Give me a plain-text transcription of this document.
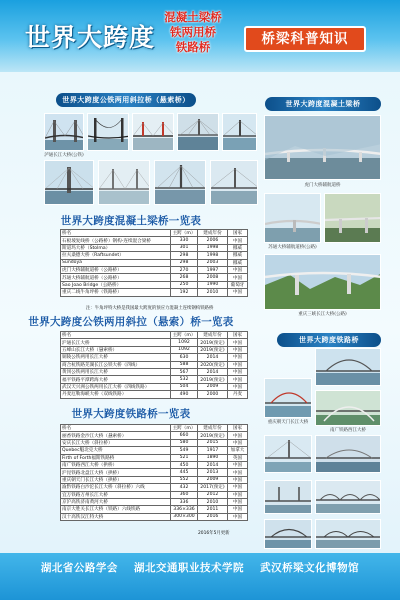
世界大跨度
混凝土梁桥
铁两用桥
铁路桥	桥梁科普知识
世界大跨度公铁两用斜拉桥（悬索桥）
泸通长江大桥(公铁)
世界大跨度混凝土梁桥一览表
桥名	主跨（m）	建成年份	国家
石板坡复线桥（公路桥）钢构-连续混合梁桥	330	2006	中国
斯道玛大桥（Stolma）	301	1998	挪威
拉夫桑德大桥（Raftsundet）	298	1998	挪威
Sundoya	298	2003	挪威
虎门大桥辅航道桥（公路桥）	270	1997	中国
苏通大桥辅航道桥（公路桥）	268	2008	中国
Sao Joao Bridge（公路桥）	250	1990	葡萄牙
重庆二线牛角坪桥（铁路桥）	192	2010	中国
注：牛角坪特大桥是我国最大跨度的预应力混凝土连续钢构铁路桥
世界大跨度公铁两用斜拉（悬索）桥一览表
桥名	主跨（m）	建成年份	国家
沪通长江大桥	1092	2019(预定)	中国
五峰山长江大桥（悬索桥）	1092	2019(预定)	中国
铜陵公铁两用长江大桥	630	2014	中国
商合杭铁路芜湖长江公铁大桥（四线）	588	2020(预定)	中国
黄冈公铁两用长江大桥	567	2014	中国
福平铁路平潭跨海大桥	532	2019(预定)	中国
武汉天兴洲公铁两用长江大桥（四线铁路）	504	2009	中国
丹麦厄勒海峡大桥（双线铁路）	490	2000	丹麦
世界大跨度铁路桥一览表
桥名	主跨（m）	建成年份	国家
丽香铁路金沙江大桥（悬索桥）	660	2019(预定)	中国
安庆长江大桥（斜拉桥）	580	2015	中国
Quebec魁北克大桥	549	1917	加拿大
Firth of Forth福斯铁路桥	521	1890	英国
南广铁路西江大桥（拱桥）	450	2014	中国
沪昆铁路北盘江大桥（拱桥）	445	2013	中国
重庆朝天门长江大桥（拱桥）	552	2009	中国
渝黔铁路白沙沱长江大桥（斜拉桥）六线	432	2017(预定)	中国
宜万铁路万州长江大桥	360	2012	中国
京沪高铁济南黄河大桥	336	2010	中国
南京大胜关长江大桥（铁路）六线铁路	336×336	2011	中国
汉十高铁汉江特大桥	300×300	2016	中国
2016年5月更新
世界大跨度混凝土梁桥
虎门大桥辅航道桥
苏通大桥辅航道桥(公路)
重庆三峡长江大桥(公路)
世界大跨度铁路桥
重庆朝天门长江大桥
南广铁路西江大桥
湖北省公路学会 湖北交通职业技术学院 武汉桥梁文化博物馆
